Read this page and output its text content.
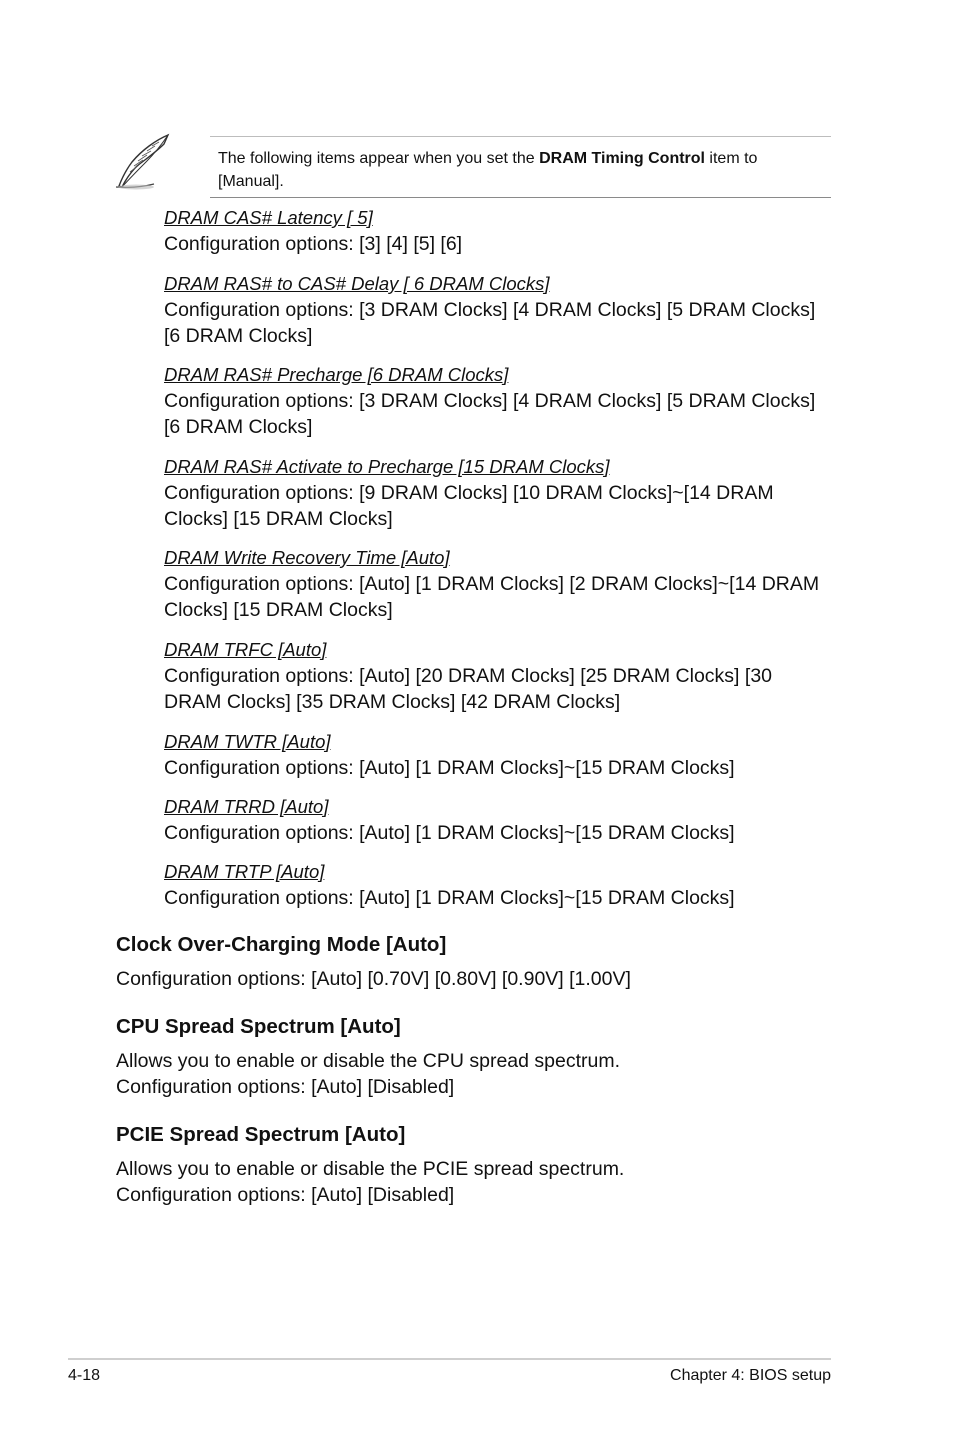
The following items appear when you set the DRAM Timing Control item to [Manual].
DRAM CAS# Latency [ 5]
Configuration options: [3] [4] [5] [6]
DRAM RAS# to CAS# Delay [ 6 DRAM Clocks]
Configuration options: [3 DRAM Clocks] [4 DRAM Clocks] [5 DRAM Clocks] [6 DRAM Clocks]
DRAM RAS# Precharge [6 DRAM Clocks]
Configuration options: [3 DRAM Clocks] [4 DRAM Clocks] [5 DRAM Clocks] [6 DRAM Clocks]
DRAM RAS# Activate to Precharge [15 DRAM Clocks]
Configuration options: [9 DRAM Clocks] [10 DRAM Clocks]~[14 DRAM Clocks] [15 DRAM Clocks]
DRAM Write Recovery Time [Auto]
Configuration options: [Auto] [1 DRAM Clocks] [2 DRAM Clocks]~[14 DRAM Clocks] [15 DRAM Clocks]
DRAM TRFC [Auto]
Configuration options: [Auto] [20 DRAM Clocks] [25 DRAM Clocks] [30 DRAM Clocks] [35 DRAM Clocks] [42 DRAM Clocks]
DRAM TWTR [Auto]
Configuration options: [Auto] [1 DRAM Clocks]~[15 DRAM Clocks]
DRAM TRRD [Auto]
Configuration options: [Auto] [1 DRAM Clocks]~[15 DRAM Clocks]
DRAM TRTP [Auto]
Configuration options: [Auto] [1 DRAM Clocks]~[15 DRAM Clocks]
Clock Over-Charging Mode [Auto]
Configuration options: [Auto] [0.70V] [0.80V] [0.90V] [1.00V]
CPU Spread Spectrum [Auto]
Allows you to enable or disable the CPU spread spectrum.
Configuration options: [Auto] [Disabled]
PCIE Spread Spectrum [Auto]
Allows you to enable or disable the PCIE spread spectrum.
Configuration options: [Auto] [Disabled]
4-18	Chapter 4: BIOS setup
